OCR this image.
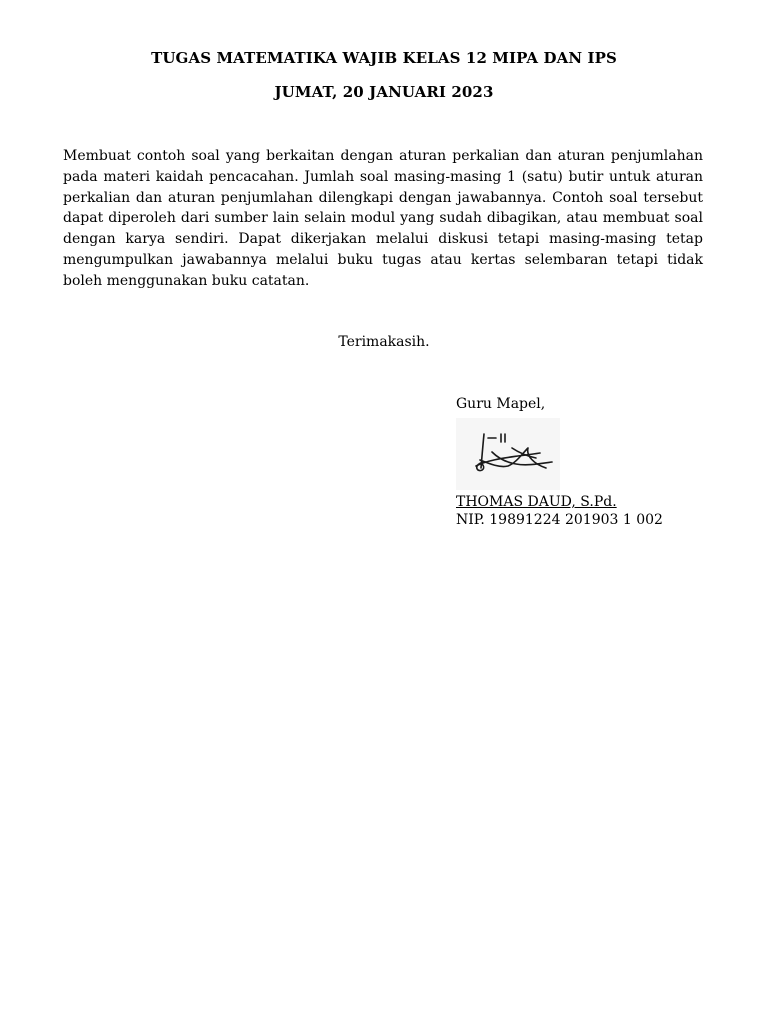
TUGAS MATEMATIKA WAJIB KELAS 12 MIPA DAN IPS
JUMAT, 20 JANUARI 2023
Membuat contoh soal yang berkaitan dengan aturan perkalian dan aturan penjumlahan pada materi kaidah pencacahan. Jumlah soal masing-masing 1 (satu) butir untuk aturan perkalian dan aturan penjumlahan dilengkapi dengan jawabannya. Contoh soal tersebut dapat diperoleh dari sumber lain selain modul yang sudah dibagikan, atau membuat soal dengan karya sendiri. Dapat dikerjakan melalui diskusi tetapi masing-masing tetap mengumpulkan jawabannya melalui buku tugas atau kertas selembaran tetapi tidak boleh menggunakan buku catatan.
Terimakasih.
Guru Mapel,
THOMAS DAUD, S.Pd.
NIP. 19891224 201903 1 002
